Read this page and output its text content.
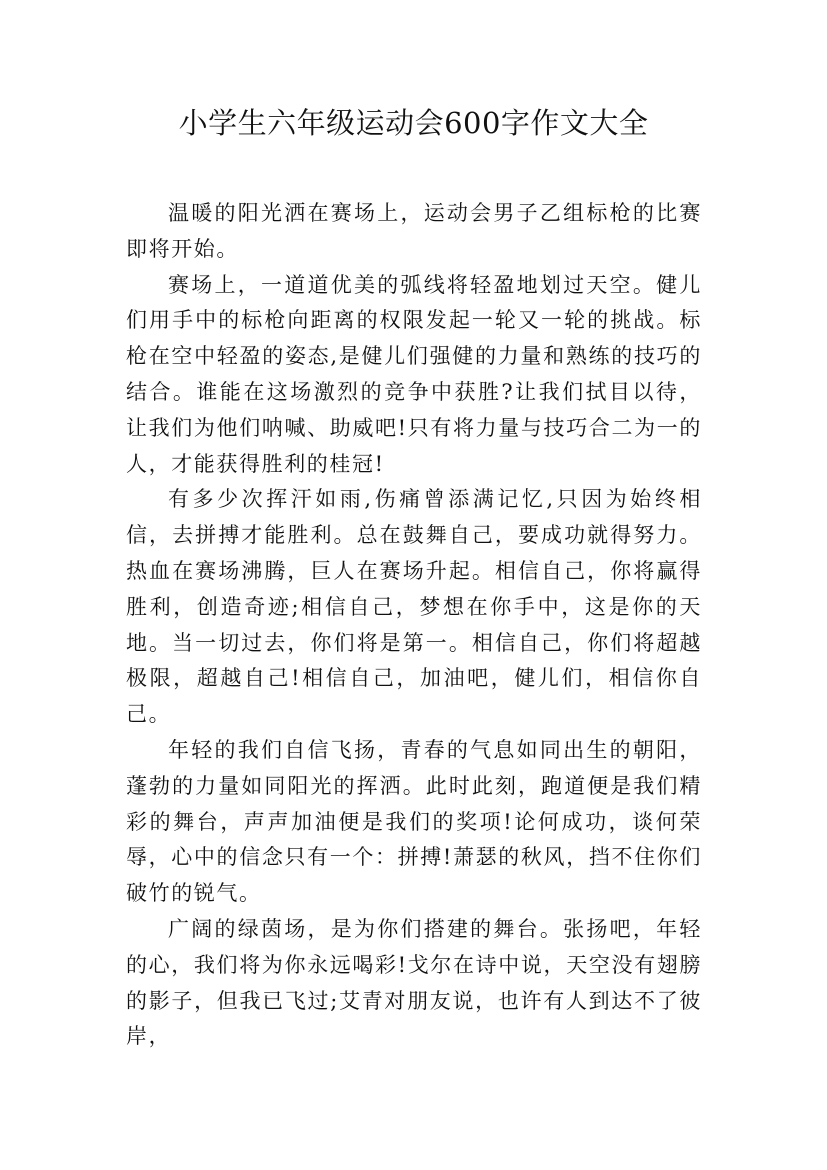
小学生六年级运动会600字作文大全

温暖的阳光洒在赛场上，运动会男子乙组标枪的比赛即将开始。

赛场上，一道道优美的弧线将轻盈地划过天空。健儿们用手中的标枪向距离的权限发起一轮又一轮的挑战。标枪在空中轻盈的姿态,是健儿们强健的力量和熟练的技巧的结合。谁能在这场激烈的竞争中获胜?让我们拭目以待，让我们为他们呐喊、助威吧!只有将力量与技巧合二为一的人，才能获得胜利的桂冠!

有多少次挥汗如雨,伤痛曾添满记忆,只因为始终相信，去拼搏才能胜利。总在鼓舞自己，要成功就得努力。热血在赛场沸腾，巨人在赛场升起。相信自己，你将赢得胜利，创造奇迹;相信自己，梦想在你手中，这是你的天地。当一切过去，你们将是第一。相信自己，你们将超越极限，超越自己!相信自己，加油吧，健儿们，相信你自己。

年轻的我们自信飞扬，青春的气息如同出生的朝阳，蓬勃的力量如同阳光的挥洒。此时此刻，跑道便是我们精彩的舞台，声声加油便是我们的奖项!论何成功，谈何荣辱，心中的信念只有一个：拼搏!萧瑟的秋风，挡不住你们破竹的锐气。

广阔的绿茵场，是为你们搭建的舞台。张扬吧，年轻的心，我们将为你永远喝彩!戈尔在诗中说，天空没有翅膀的影子，但我已飞过;艾青对朋友说，也许有人到达不了彼岸，
